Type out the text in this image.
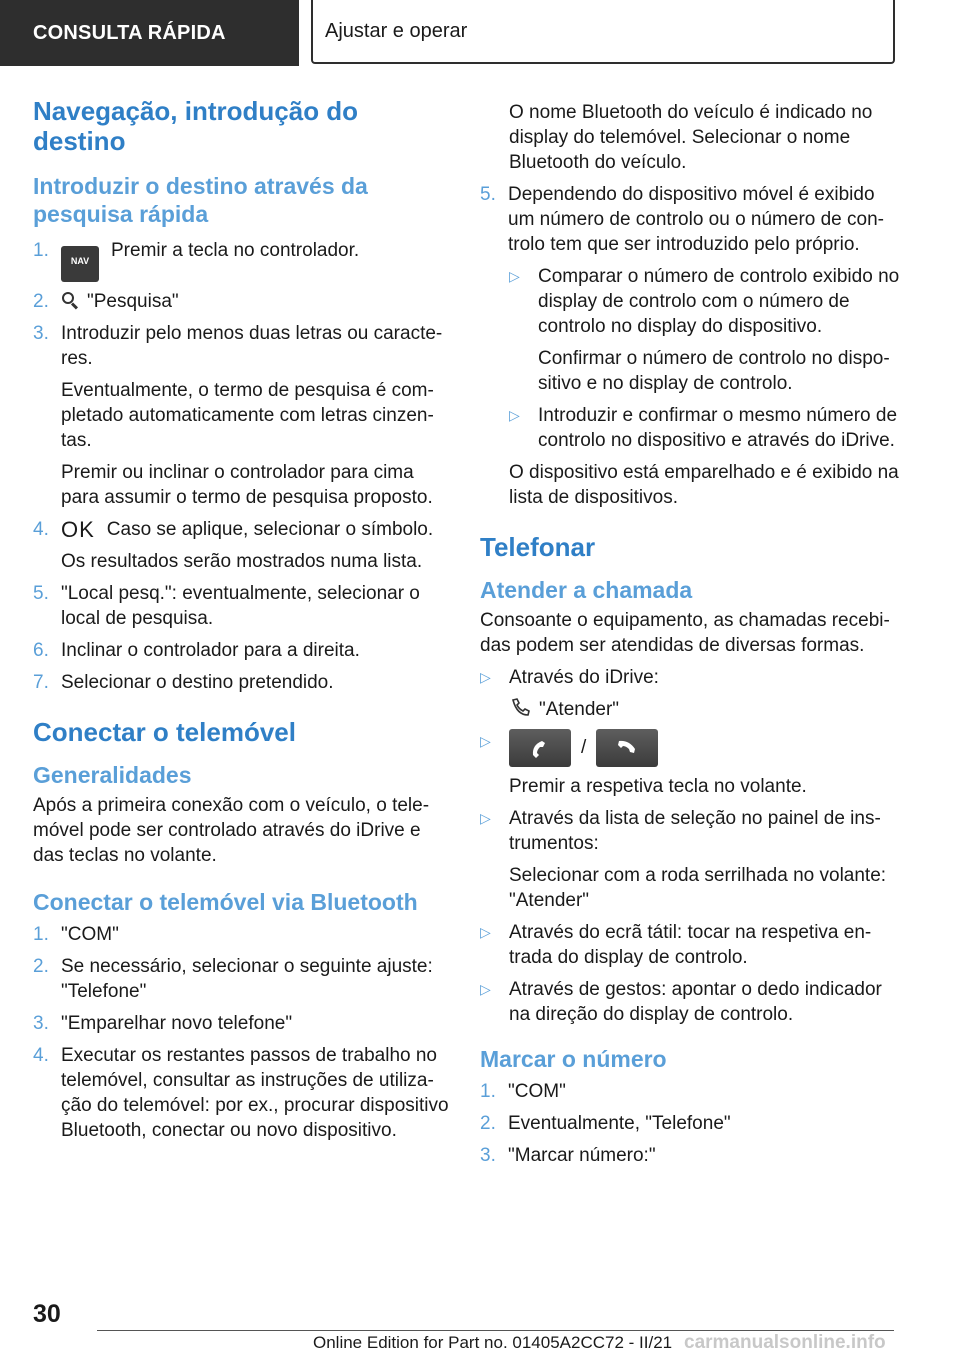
CONSULTA RÁPIDA	Ajustar e operar
Navegação, introdução do destino
Introduzir o destino através da pesquisa rápida
1. NAV Premir a tecla no controlador.
2. "Pesquisa"
3. Introduzir pelo menos duas letras ou caracte-res.
Eventualmente, o termo de pesquisa é com-pletado automaticamente com letras cinzen-tas.
Premir ou inclinar o controlador para cima para assumir o termo de pesquisa proposto.
4. OK Caso se aplique, selecionar o símbolo.
Os resultados serão mostrados numa lista.
5. "Local pesq.": eventualmente, selecionar o local de pesquisa.
6. Inclinar o controlador para a direita.
7. Selecionar o destino pretendido.
Conectar o telemóvel
Generalidades
Após a primeira conexão com o veículo, o tele-móvel pode ser controlado através do iDrive e das teclas no volante.
Conectar o telemóvel via Bluetooth
1. "COM"
2. Se necessário, selecionar o seguinte ajuste:
"Telefone"
3. "Emparelhar novo telefone"
4. Executar os restantes passos de trabalho no telemóvel, consultar as instruções de utiliza-ção do telemóvel: por ex., procurar dispositivo Bluetooth, conectar ou novo dispositivo.
O nome Bluetooth do veículo é indicado no display do telemóvel. Selecionar o nome Bluetooth do veículo.
5. Dependendo do dispositivo móvel é exibido um número de controlo ou o número de con-trolo tem que ser introduzido pelo próprio.
▷ Comparar o número de controlo exibido no display de controlo com o número de controlo no display do dispositivo.
Confirmar o número de controlo no dispo-sitivo e no display de controlo.
▷ Introduzir e confirmar o mesmo número de controlo no dispositivo e através do iDrive.
O dispositivo está emparelhado e é exibido na lista de dispositivos.
Telefonar
Atender a chamada
Consoante o equipamento, as chamadas recebi-das podem ser atendidas de diversas formas.
▷ Através do iDrive:
"Atender"
▷	/
Premir a respetiva tecla no volante.
▷ Através da lista de seleção no painel de ins-trumentos:
Selecionar com a roda serrilhada no volante: "Atender"
▷ Através do ecrã tátil: tocar na respetiva en-trada do display de controlo.
▷ Através de gestos: apontar o dedo indicador na direção do display de controlo.
Marcar o número
1. "COM"
2. Eventualmente, "Telefone"
3. "Marcar número:"
30
Online Edition for Part no. 01405A2CC72 - II/21 carmanualsonline.info
